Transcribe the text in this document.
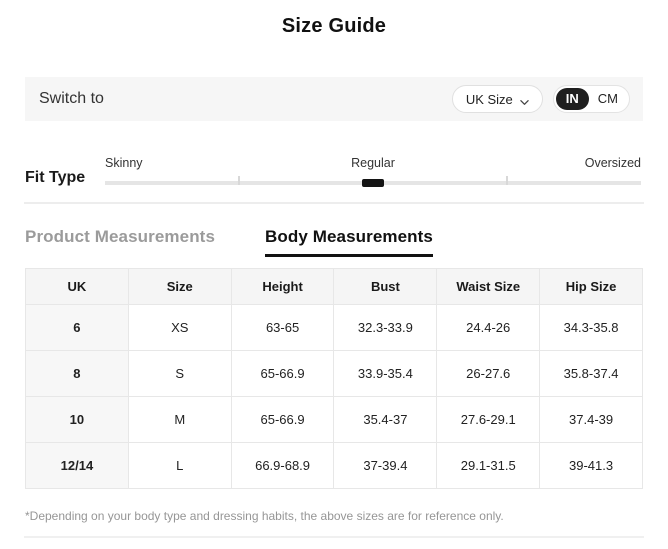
Size Guide
Switch to	UK Size	IN	CM
Fit Type
Skinny	Regular	Oversized
Product Measurements	Body Measurements
UK	Size	Height	Bust	Waist Size	Hip Size
6	XS	63-65	32.3-33.9	24.4-26	34.3-35.8
8	S	65-66.9	33.9-35.4	26-27.6	35.8-37.4
10	M	65-66.9	35.4-37	27.6-29.1	37.4-39
12/14	L	66.9-68.9	37-39.4	29.1-31.5	39-41.3
*Depending on your body type and dressing habits, the above sizes are for reference only.
